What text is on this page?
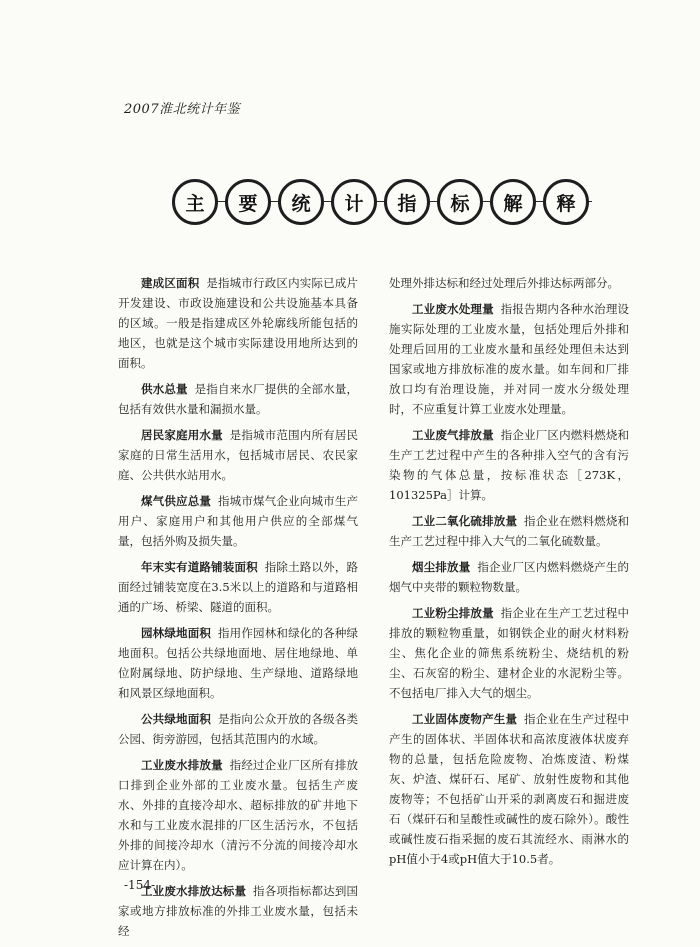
2007淮北统计年鉴
主	要	统	计	指	标	解	释

建成区面积 是指城市行政区内实际已成片开发建设、市政设施建设和公共设施基本具备的区域。一般是指建成区外轮廓线所能包括的地区，也就是这个城市实际建设用地所达到的面积。

供水总量 是指自来水厂提供的全部水量，包括有效供水量和漏损水量。

居民家庭用水量 是指城市范围内所有居民家庭的日常生活用水，包括城市居民、农民家庭、公共供水站用水。

煤气供应总量 指城市煤气企业向城市生产用户、家庭用户和其他用户供应的全部煤气量，包括外购及损失量。

年末实有道路铺装面积 指除土路以外，路面经过铺装宽度在3.5米以上的道路和与道路相通的广场、桥梁、隧道的面积。

园林绿地面积 指用作园林和绿化的各种绿地面积。包括公共绿地面地、居住地绿地、单位附属绿地、防护绿地、生产绿地、道路绿地和风景区绿地面积。

公共绿地面积 是指向公众开放的各级各类公园、街旁游园，包括其范围内的水域。

工业废水排放量 指经过企业厂区所有排放口排到企业外部的工业废水量。包括生产废水、外排的直接冷却水、超标排放的矿井地下水和与工业废水混排的厂区生活污水，不包括外排的间接冷却水（清污不分流的间接冷却水应计算在内）。

工业废水排放达标量 指各项指标都达到国家或地方排放标准的外排工业废水量，包括未经

处理外排达标和经过处理后外排达标两部分。

工业废水处理量 指报告期内各种水治理设施实际处理的工业废水量，包括处理后外排和处理后回用的工业废水量和虽经处理但未达到国家或地方排放标准的废水量。如车间和厂排放口均有治理设施，并对同一废水分级处理时，不应重复计算工业废水处理量。

工业废气排放量 指企业厂区内燃料燃烧和生产工艺过程中产生的各种排入空气的含有污染物的气体总量，按标准状态［273K，101325Pa］计算。

工业二氧化硫排放量 指企业在燃料燃烧和生产工艺过程中排入大气的二氧化硫数量。

烟尘排放量 指企业厂区内燃料燃烧产生的烟气中夹带的颗粒物数量。

工业粉尘排放量 指企业在生产工艺过程中排放的颗粒物重量，如钢铁企业的耐火材料粉尘、焦化企业的筛焦系统粉尘、烧结机的粉尘、石灰窑的粉尘、建材企业的水泥粉尘等。不包括电厂排入大气的烟尘。

工业固体废物产生量 指企业在生产过程中产生的固体状、半固体状和高浓度液体状废弃物的总量，包括危险废物、冶炼废渣、粉煤灰、炉渣、煤矸石、尾矿、放射性废物和其他废物等；不包括矿山开采的剥离废石和掘进废石（煤矸石和呈酸性或碱性的废石除外）。酸性或碱性废石指采掘的废石其流经水、雨淋水的pH值小于4或pH值大于10.5者。

-154-
